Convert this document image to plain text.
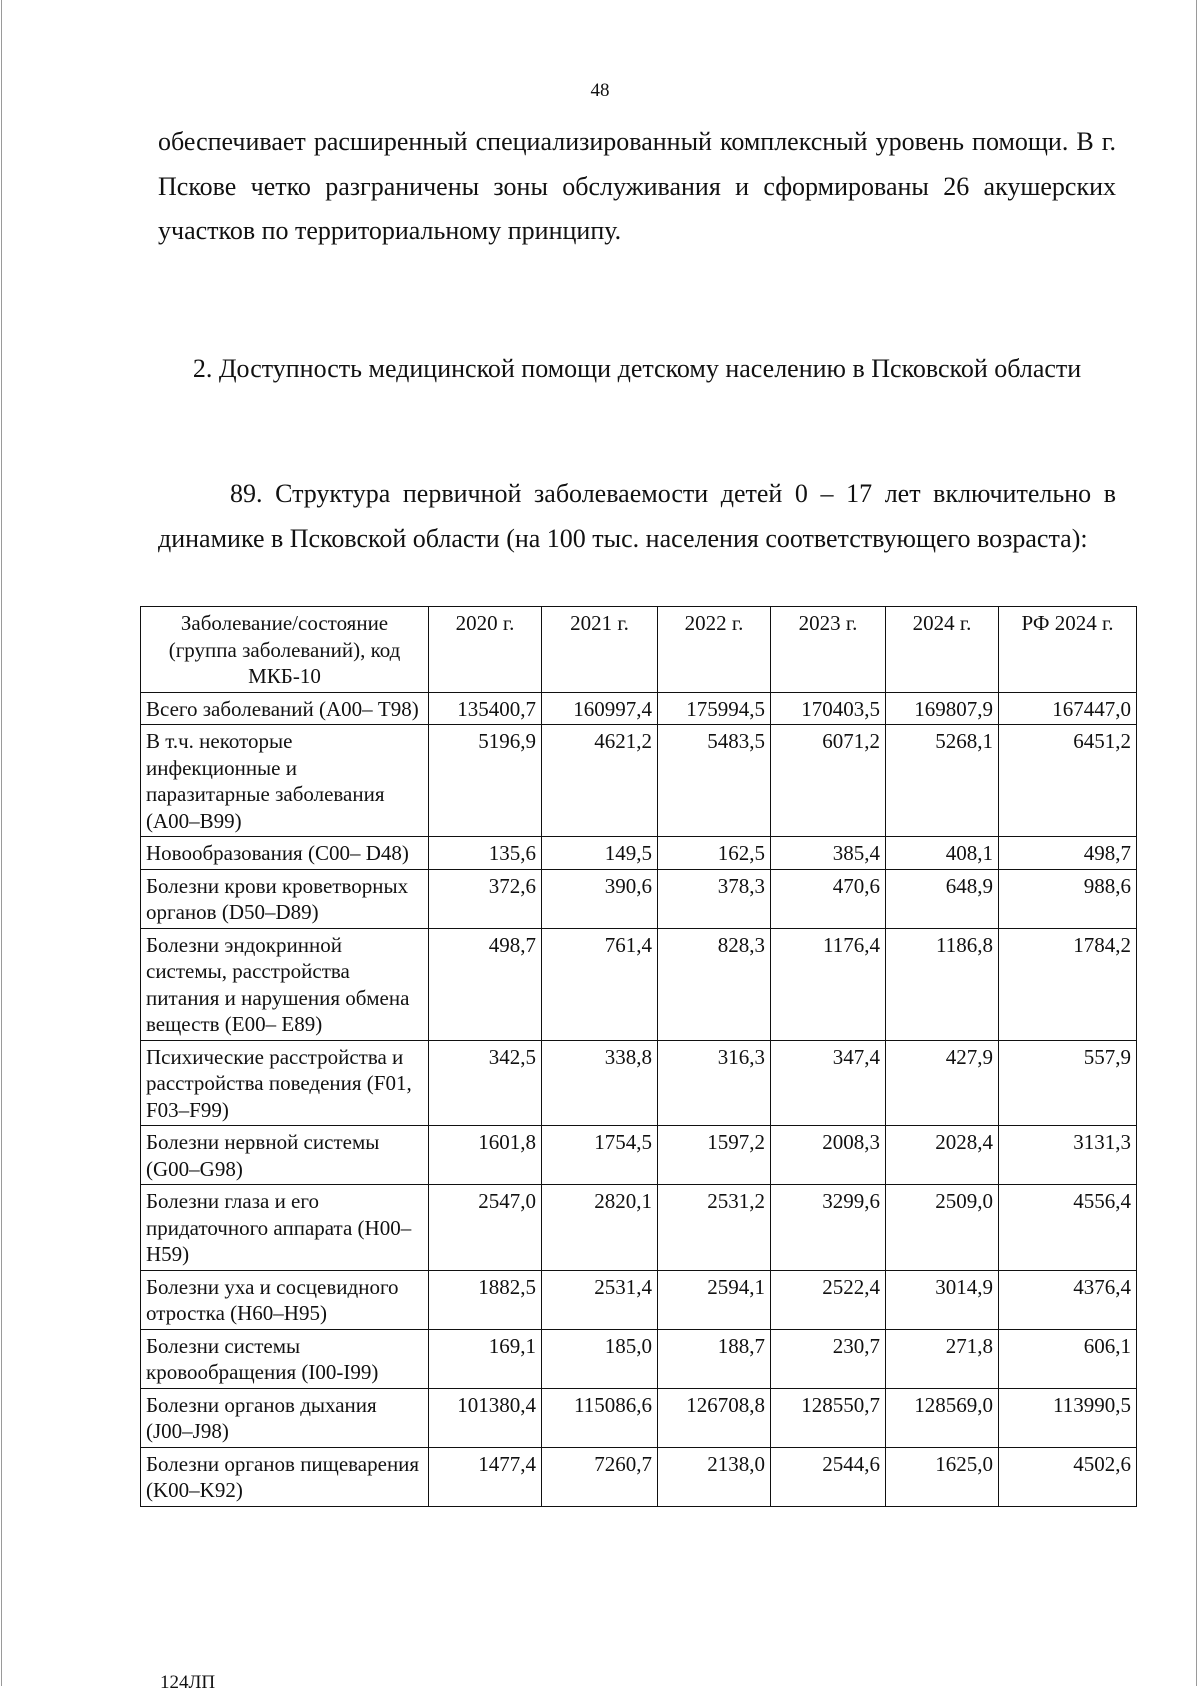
48
обеспечивает расширенный специализированный комплексный уровень помощи. В г. Пскове четко разграничены зоны обслуживания и сформированы 26 акушерских участков по территориальному принципу.
2. Доступность медицинской помощи детскому населению в Псковской области
89. Структура первичной заболеваемости детей 0 – 17 лет включительно в динамике в Псковской области (на 100 тыс. населения соответствующего возраста):
Заболевание/состояние (группа заболеваний), код МКБ-10	2020 г.	2021 г.	2022 г.	2023 г.	2024 г.	РФ 2024 г.
Всего заболеваний (А00– Т98)	135400,7	160997,4	175994,5	170403,5	169807,9	167447,0
В т.ч. некоторые инфекционные и паразитарные заболевания (А00–В99)	5196,9	4621,2	5483,5	6071,2	5268,1	6451,2
Новообразования (С00– D48)	135,6	149,5	162,5	385,4	408,1	498,7
Болезни крови кроветворных органов (D50–D89)	372,6	390,6	378,3	470,6	648,9	988,6
Болезни эндокринной системы, расстройства питания и нарушения обмена веществ (Е00– Е89)	498,7	761,4	828,3	1176,4	1186,8	1784,2
Психические расстройства и расстройства поведения (F01, F03–F99)	342,5	338,8	316,3	347,4	427,9	557,9
Болезни нервной системы (G00–G98)	1601,8	1754,5	1597,2	2008,3	2028,4	3131,3
Болезни глаза и его придаточного аппарата (Н00–Н59)	2547,0	2820,1	2531,2	3299,6	2509,0	4556,4
Болезни уха и сосцевидного отростка (Н60–Н95)	1882,5	2531,4	2594,1	2522,4	3014,9	4376,4
Болезни системы кровообращения (I00-I99)	169,1	185,0	188,7	230,7	271,8	606,1
Болезни органов дыхания (J00–J98)	101380,4	115086,6	126708,8	128550,7	128569,0	113990,5
Болезни органов пищеварения (K00–K92)	1477,4	7260,7	2138,0	2544,6	1625,0	4502,6
124ЛП
